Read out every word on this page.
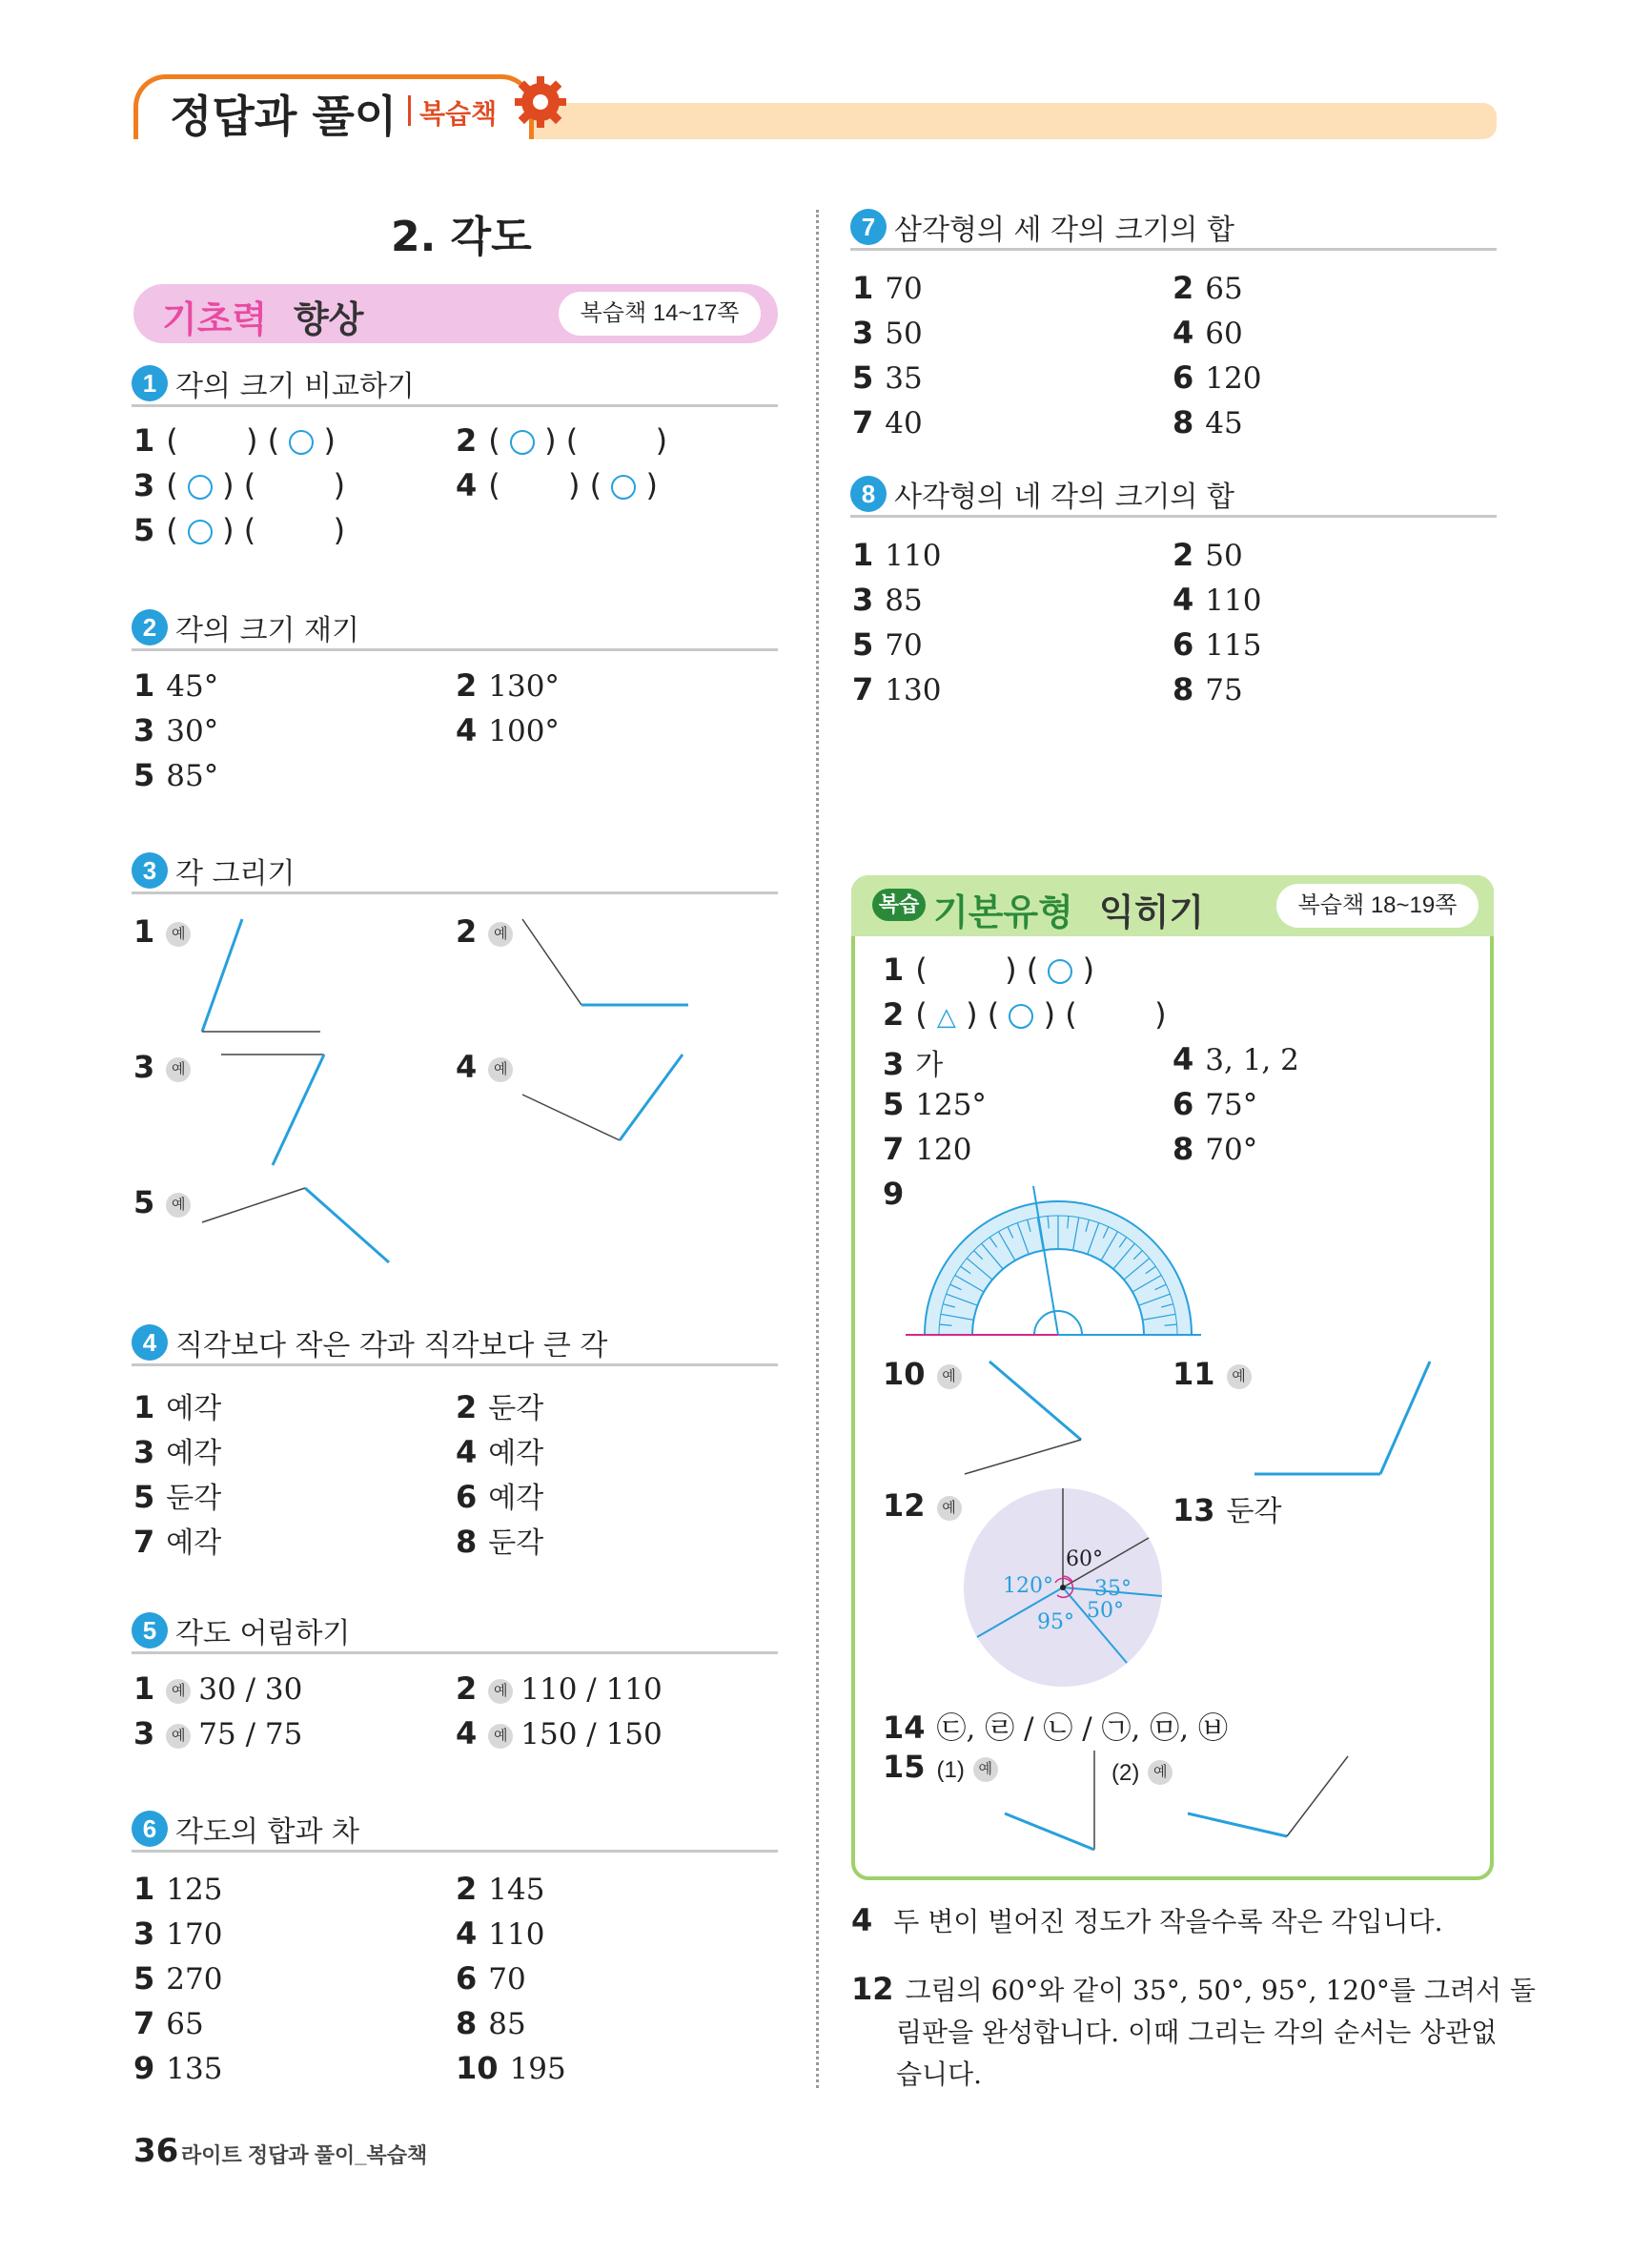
정답과 풀이 복습책
2. 각도
기초력 향상	복습책 14~17쪽
1 각의 크기 비교하기
1 (       ) ( ○ )	2 ( ○ ) (        )
3 ( ○ ) (        )	4 (       ) ( ○ )
5 ( ○ ) (        )
2 각의 크기 재기
1 45°	2 130°
3 30°	4 100°
5 85°
3 각 그리기
1 예	2 예
3 예	4 예
5 예
4 직각보다 작은 각과 직각보다 큰 각
1 예각	2 둔각
3 예각	4 예각
5 둔각	6 예각
7 예각	8 둔각
5 각도 어림하기
1 예 30 / 30	2 예 110 / 110
3 예 75 / 75	4 예 150 / 150
6 각도의 합과 차
1 125	2 145
3 170	4 110
5 270	6 70
7 65	8 85
9 135	10 195
7 삼각형의 세 각의 크기의 합
1 70	2 65
3 50	4 60
5 35	6 120
7 40	8 45
8 사각형의 네 각의 크기의 합
1 110	2 50
3 85	4 110
5 70	6 115
7 130	8 75
복습 기본유형 익히기	복습책 18~19쪽
1 (        ) ( ○ )
2 ( △ ) ( ○ ) (        )
3 가	4 3, 1, 2
5 125°	6 75°
7 120	8 70°
9
10 예	11 예
12 예	13 둔각
60°
35°
50°
95°
120°
14 ㉢, ㉣ / ㉡ / ㉠, ㉤, ㉥
15 (1) 예	(2) 예
4 두 변이 벌어진 정도가 작을수록 작은 각입니다.
12 그림의 60°와 같이 35°, 50°, 95°, 120°를 그려서 돌
림판을 완성합니다. 이때 그리는 각의 순서는 상관없
습니다.
36 라이트 정답과 풀이_복습책
